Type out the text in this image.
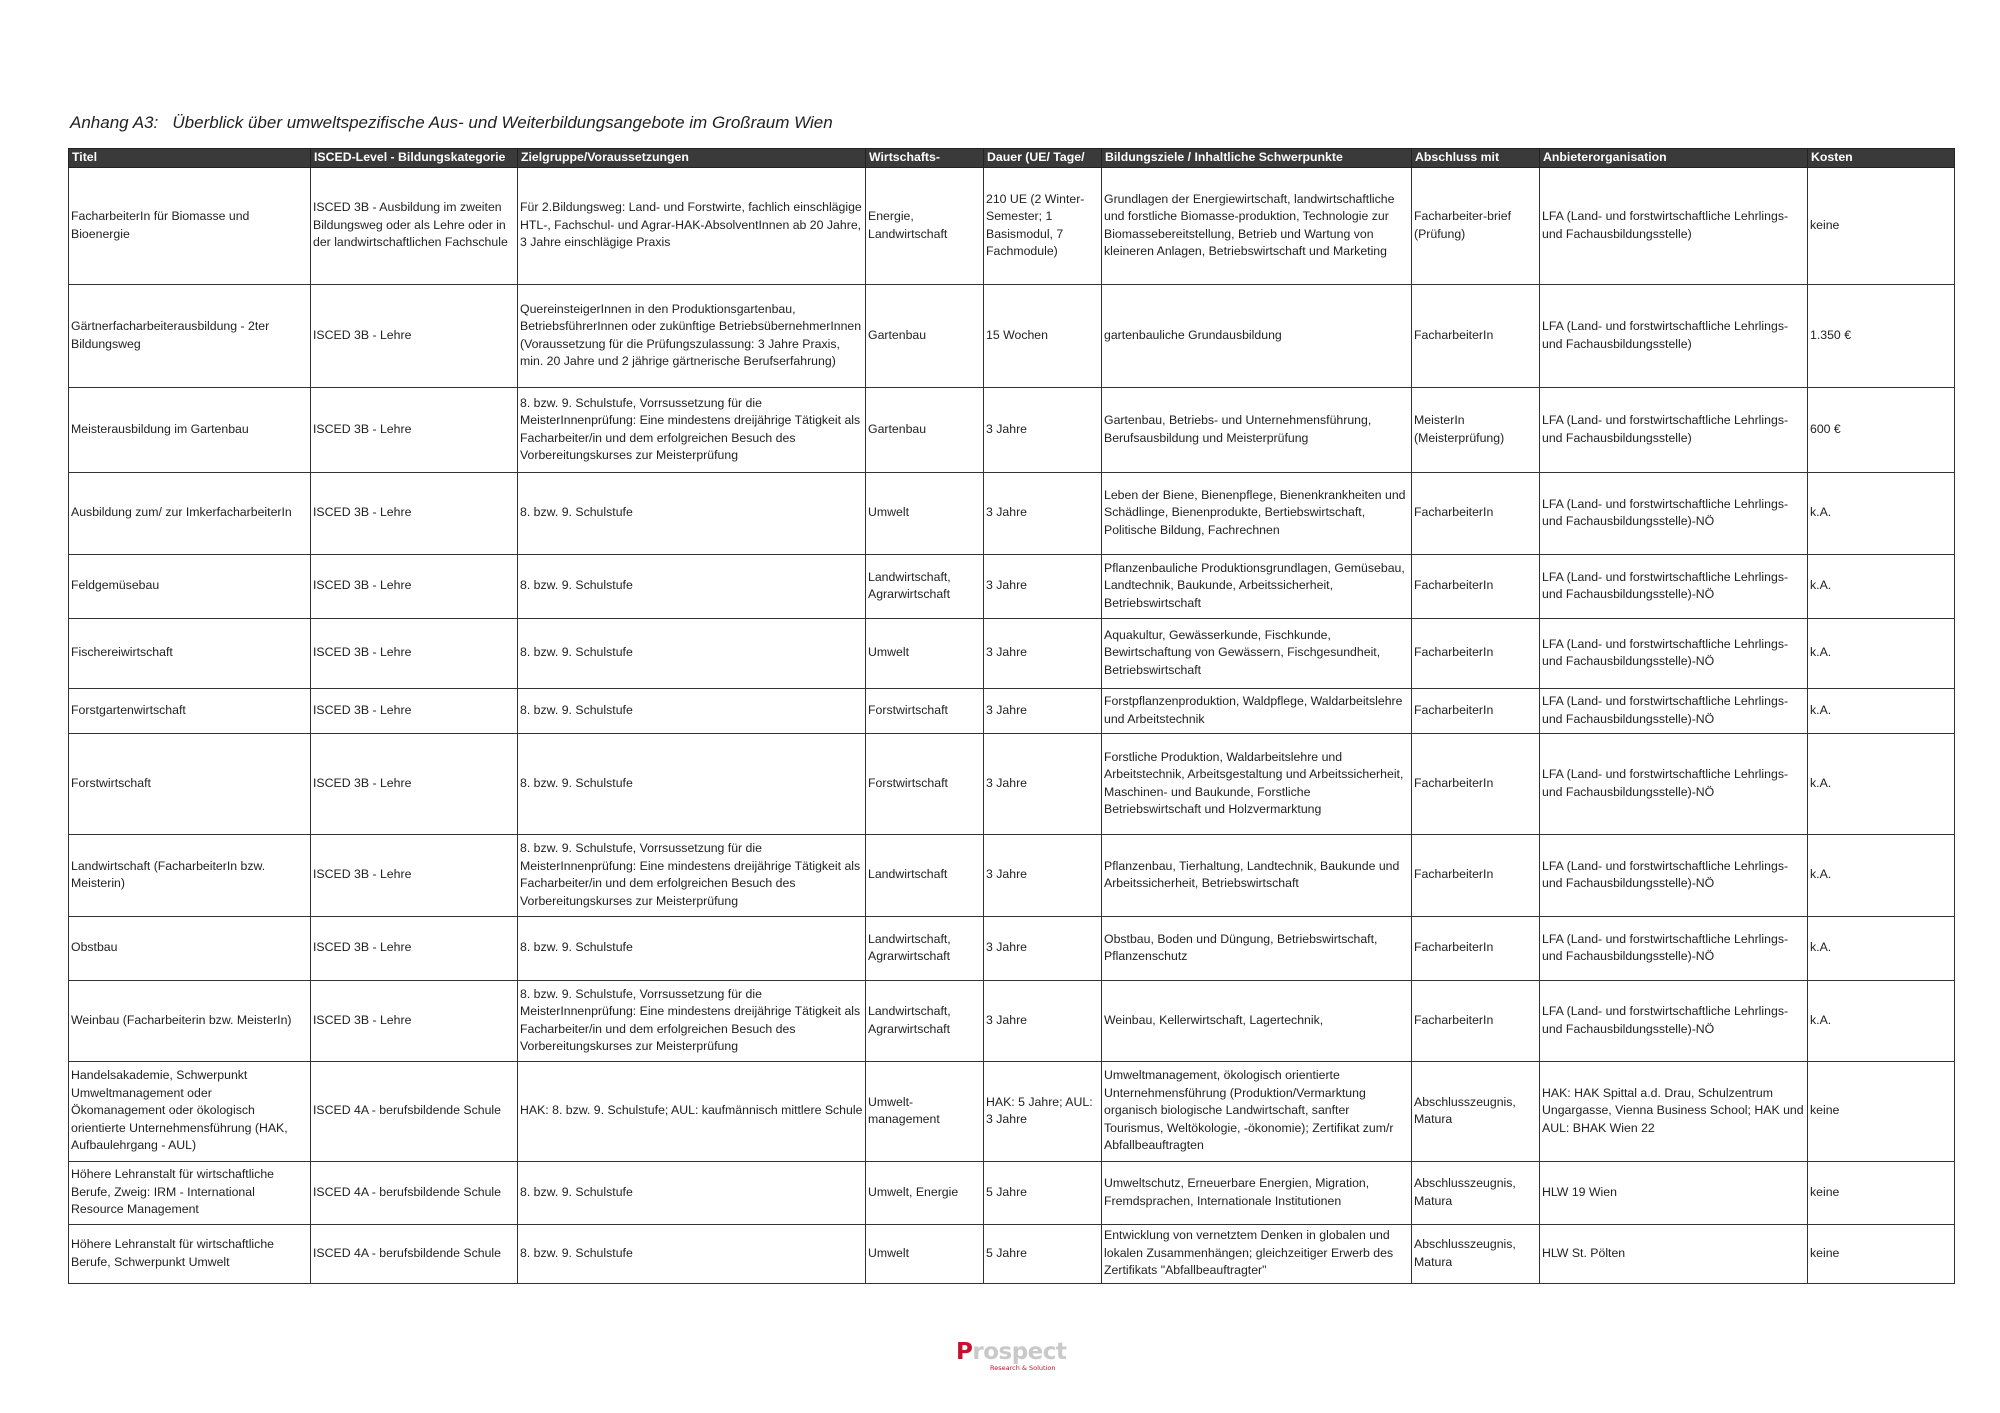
Anhang A3:   Überblick über umweltspezifische Aus- und Weiterbildungsangebote im Großraum Wien
Titel	ISCED-Level - Bildungskategorie	Zielgruppe/Voraussetzungen	Wirtschafts-	Dauer (UE/ Tage/	Bildungsziele / Inhaltliche Schwerpunkte	Abschluss mit	Anbieterorganisation	Kosten
FacharbeiterIn für Biomasse und Bioenergie	ISCED 3B - Ausbildung im zweiten Bildungsweg oder als Lehre oder in der landwirtschaftlichen Fachschule	Für 2.Bildungsweg: Land- und Forstwirte, fachlich einschlägige HTL-, Fachschul- und Agrar-HAK-AbsolventInnen ab 20 Jahre, 3 Jahre einschlägige Praxis	Energie, Landwirtschaft	210 UE (2 Winter-Semester; 1 Basismodul, 7 Fachmodule)	Grundlagen der Energiewirtschaft, landwirtschaftliche und forstliche Biomasse-produktion, Technologie zur Biomassebereitstellung, Betrieb und Wartung von kleineren Anlagen, Betriebswirtschaft und Marketing	Facharbeiter-brief (Prüfung)	LFA (Land- und forstwirtschaftliche Lehrlings- und Fachausbildungsstelle)	keine
Gärtnerfacharbeiterausbildung - 2ter Bildungsweg	ISCED 3B - Lehre	QuereinsteigerInnen in den Produktionsgartenbau, BetriebsführerInnen oder zukünftige BetriebsübernehmerInnen (Voraussetzung für die Prüfungszulassung: 3 Jahre Praxis, min. 20 Jahre und 2 jährige gärtnerische Berufserfahrung)	Gartenbau	15 Wochen	gartenbauliche Grundausbildung	FacharbeiterIn	LFA (Land- und forstwirtschaftliche Lehrlings- und Fachausbildungsstelle)	1.350 €
Meisterausbildung im Gartenbau	ISCED 3B - Lehre	8. bzw. 9. Schulstufe, Vorrsussetzung für die MeisterInnenprüfung: Eine mindestens dreijährige Tätigkeit als Facharbeiter/in und dem erfolgreichen Besuch des Vorbereitungskurses zur Meisterprüfung	Gartenbau	3 Jahre	Gartenbau, Betriebs- und Unternehmensführung, Berufsausbildung und Meisterprüfung	MeisterIn (Meisterprüfung)	LFA (Land- und forstwirtschaftliche Lehrlings- und Fachausbildungsstelle)	600 €
Ausbildung zum/ zur ImkerfacharbeiterIn	ISCED 3B - Lehre	8. bzw. 9. Schulstufe	Umwelt	3 Jahre	Leben der Biene, Bienenpflege, Bienenkrankheiten und Schädlinge, Bienenprodukte, Bertiebswirtschaft, Politische Bildung, Fachrechnen	FacharbeiterIn	LFA (Land- und forstwirtschaftliche Lehrlings- und Fachausbildungsstelle)-NÖ	k.A.
Feldgemüsebau	ISCED 3B - Lehre	8. bzw. 9. Schulstufe	Landwirtschaft, Agrarwirtschaft	3 Jahre	Pflanzenbauliche Produktionsgrundlagen, Gemüsebau, Landtechnik, Baukunde, Arbeitssicherheit, Betriebswirtschaft	FacharbeiterIn	LFA (Land- und forstwirtschaftliche Lehrlings- und Fachausbildungsstelle)-NÖ	k.A.
Fischereiwirtschaft	ISCED 3B - Lehre	8. bzw. 9. Schulstufe	Umwelt	3 Jahre	Aquakultur, Gewässerkunde, Fischkunde, Bewirtschaftung von Gewässern, Fischgesundheit, Betriebswirtschaft	FacharbeiterIn	LFA (Land- und forstwirtschaftliche Lehrlings- und Fachausbildungsstelle)-NÖ	k.A.
Forstgartenwirtschaft	ISCED 3B - Lehre	8. bzw. 9. Schulstufe	Forstwirtschaft	3 Jahre	Forstpflanzenproduktion, Waldpflege, Waldarbeitslehre und Arbeitstechnik	FacharbeiterIn	LFA (Land- und forstwirtschaftliche Lehrlings- und Fachausbildungsstelle)-NÖ	k.A.
Forstwirtschaft	ISCED 3B - Lehre	8. bzw. 9. Schulstufe	Forstwirtschaft	3 Jahre	Forstliche Produktion, Waldarbeitslehre und Arbeitstechnik, Arbeitsgestaltung und Arbeitssicherheit, Maschinen- und Baukunde, Forstliche Betriebswirtschaft und Holzvermarktung	FacharbeiterIn	LFA (Land- und forstwirtschaftliche Lehrlings- und Fachausbildungsstelle)-NÖ	k.A.
Landwirtschaft (FacharbeiterIn bzw. Meisterin)	ISCED 3B - Lehre	8. bzw. 9. Schulstufe, Vorrsussetzung für die MeisterInnenprüfung: Eine mindestens dreijährige Tätigkeit als Facharbeiter/in und dem erfolgreichen Besuch des Vorbereitungskurses zur Meisterprüfung	Landwirtschaft	3 Jahre	Pflanzenbau, Tierhaltung, Landtechnik, Baukunde und Arbeitssicherheit, Betriebswirtschaft	FacharbeiterIn	LFA (Land- und forstwirtschaftliche Lehrlings- und Fachausbildungsstelle)-NÖ	k.A.
Obstbau	ISCED 3B - Lehre	8. bzw. 9. Schulstufe	Landwirtschaft, Agrarwirtschaft	3 Jahre	Obstbau, Boden und Düngung, Betriebswirtschaft, Pflanzenschutz	FacharbeiterIn	LFA (Land- und forstwirtschaftliche Lehrlings- und Fachausbildungsstelle)-NÖ	k.A.
Weinbau (Facharbeiterin bzw. MeisterIn)	ISCED 3B - Lehre	8. bzw. 9. Schulstufe, Vorrsussetzung für die MeisterInnenprüfung: Eine mindestens dreijährige Tätigkeit als Facharbeiter/in und dem erfolgreichen Besuch des Vorbereitungskurses zur Meisterprüfung	Landwirtschaft, Agrarwirtschaft	3 Jahre	Weinbau, Kellerwirtschaft, Lagertechnik,	FacharbeiterIn	LFA (Land- und forstwirtschaftliche Lehrlings- und Fachausbildungsstelle)-NÖ	k.A.
Handelsakademie, Schwerpunkt Umweltmanagement oder Ökomanagement oder ökologisch orientierte Unternehmensführung (HAK, Aufbaulehrgang - AUL)	ISCED 4A - berufsbildende Schule	HAK: 8. bzw. 9. Schulstufe; AUL: kaufmännisch mittlere Schule	Umwelt-management	HAK: 5 Jahre; AUL: 3 Jahre	Umweltmanagement, ökologisch orientierte Unternehmensführung (Produktion/Vermarktung organisch biologische Landwirtschaft, sanfter Tourismus, Weltökologie, -ökonomie); Zertifikat zum/r Abfallbeauftragten	Abschlusszeugnis, Matura	HAK: HAK Spittal a.d. Drau, Schulzentrum Ungargasse, Vienna Business School; HAK und AUL: BHAK Wien 22	keine
Höhere Lehranstalt für wirtschaftliche Berufe, Zweig: IRM - International Resource Management	ISCED 4A - berufsbildende Schule	8. bzw. 9. Schulstufe	Umwelt, Energie	5 Jahre	Umweltschutz, Erneuerbare Energien, Migration, Fremdsprachen, Internationale Institutionen	Abschlusszeugnis, Matura	HLW 19 Wien	keine
Höhere Lehranstalt für wirtschaftliche Berufe, Schwerpunkt Umwelt	ISCED 4A - berufsbildende Schule	8. bzw. 9. Schulstufe	Umwelt	5 Jahre	Entwicklung von vernetztem Denken in globalen und lokalen Zusammenhängen; gleichzeitiger Erwerb des Zertifikats "Abfallbeauftragter"	Abschlusszeugnis, Matura	HLW St. Pölten	keine
Prospect
Research & Solution
